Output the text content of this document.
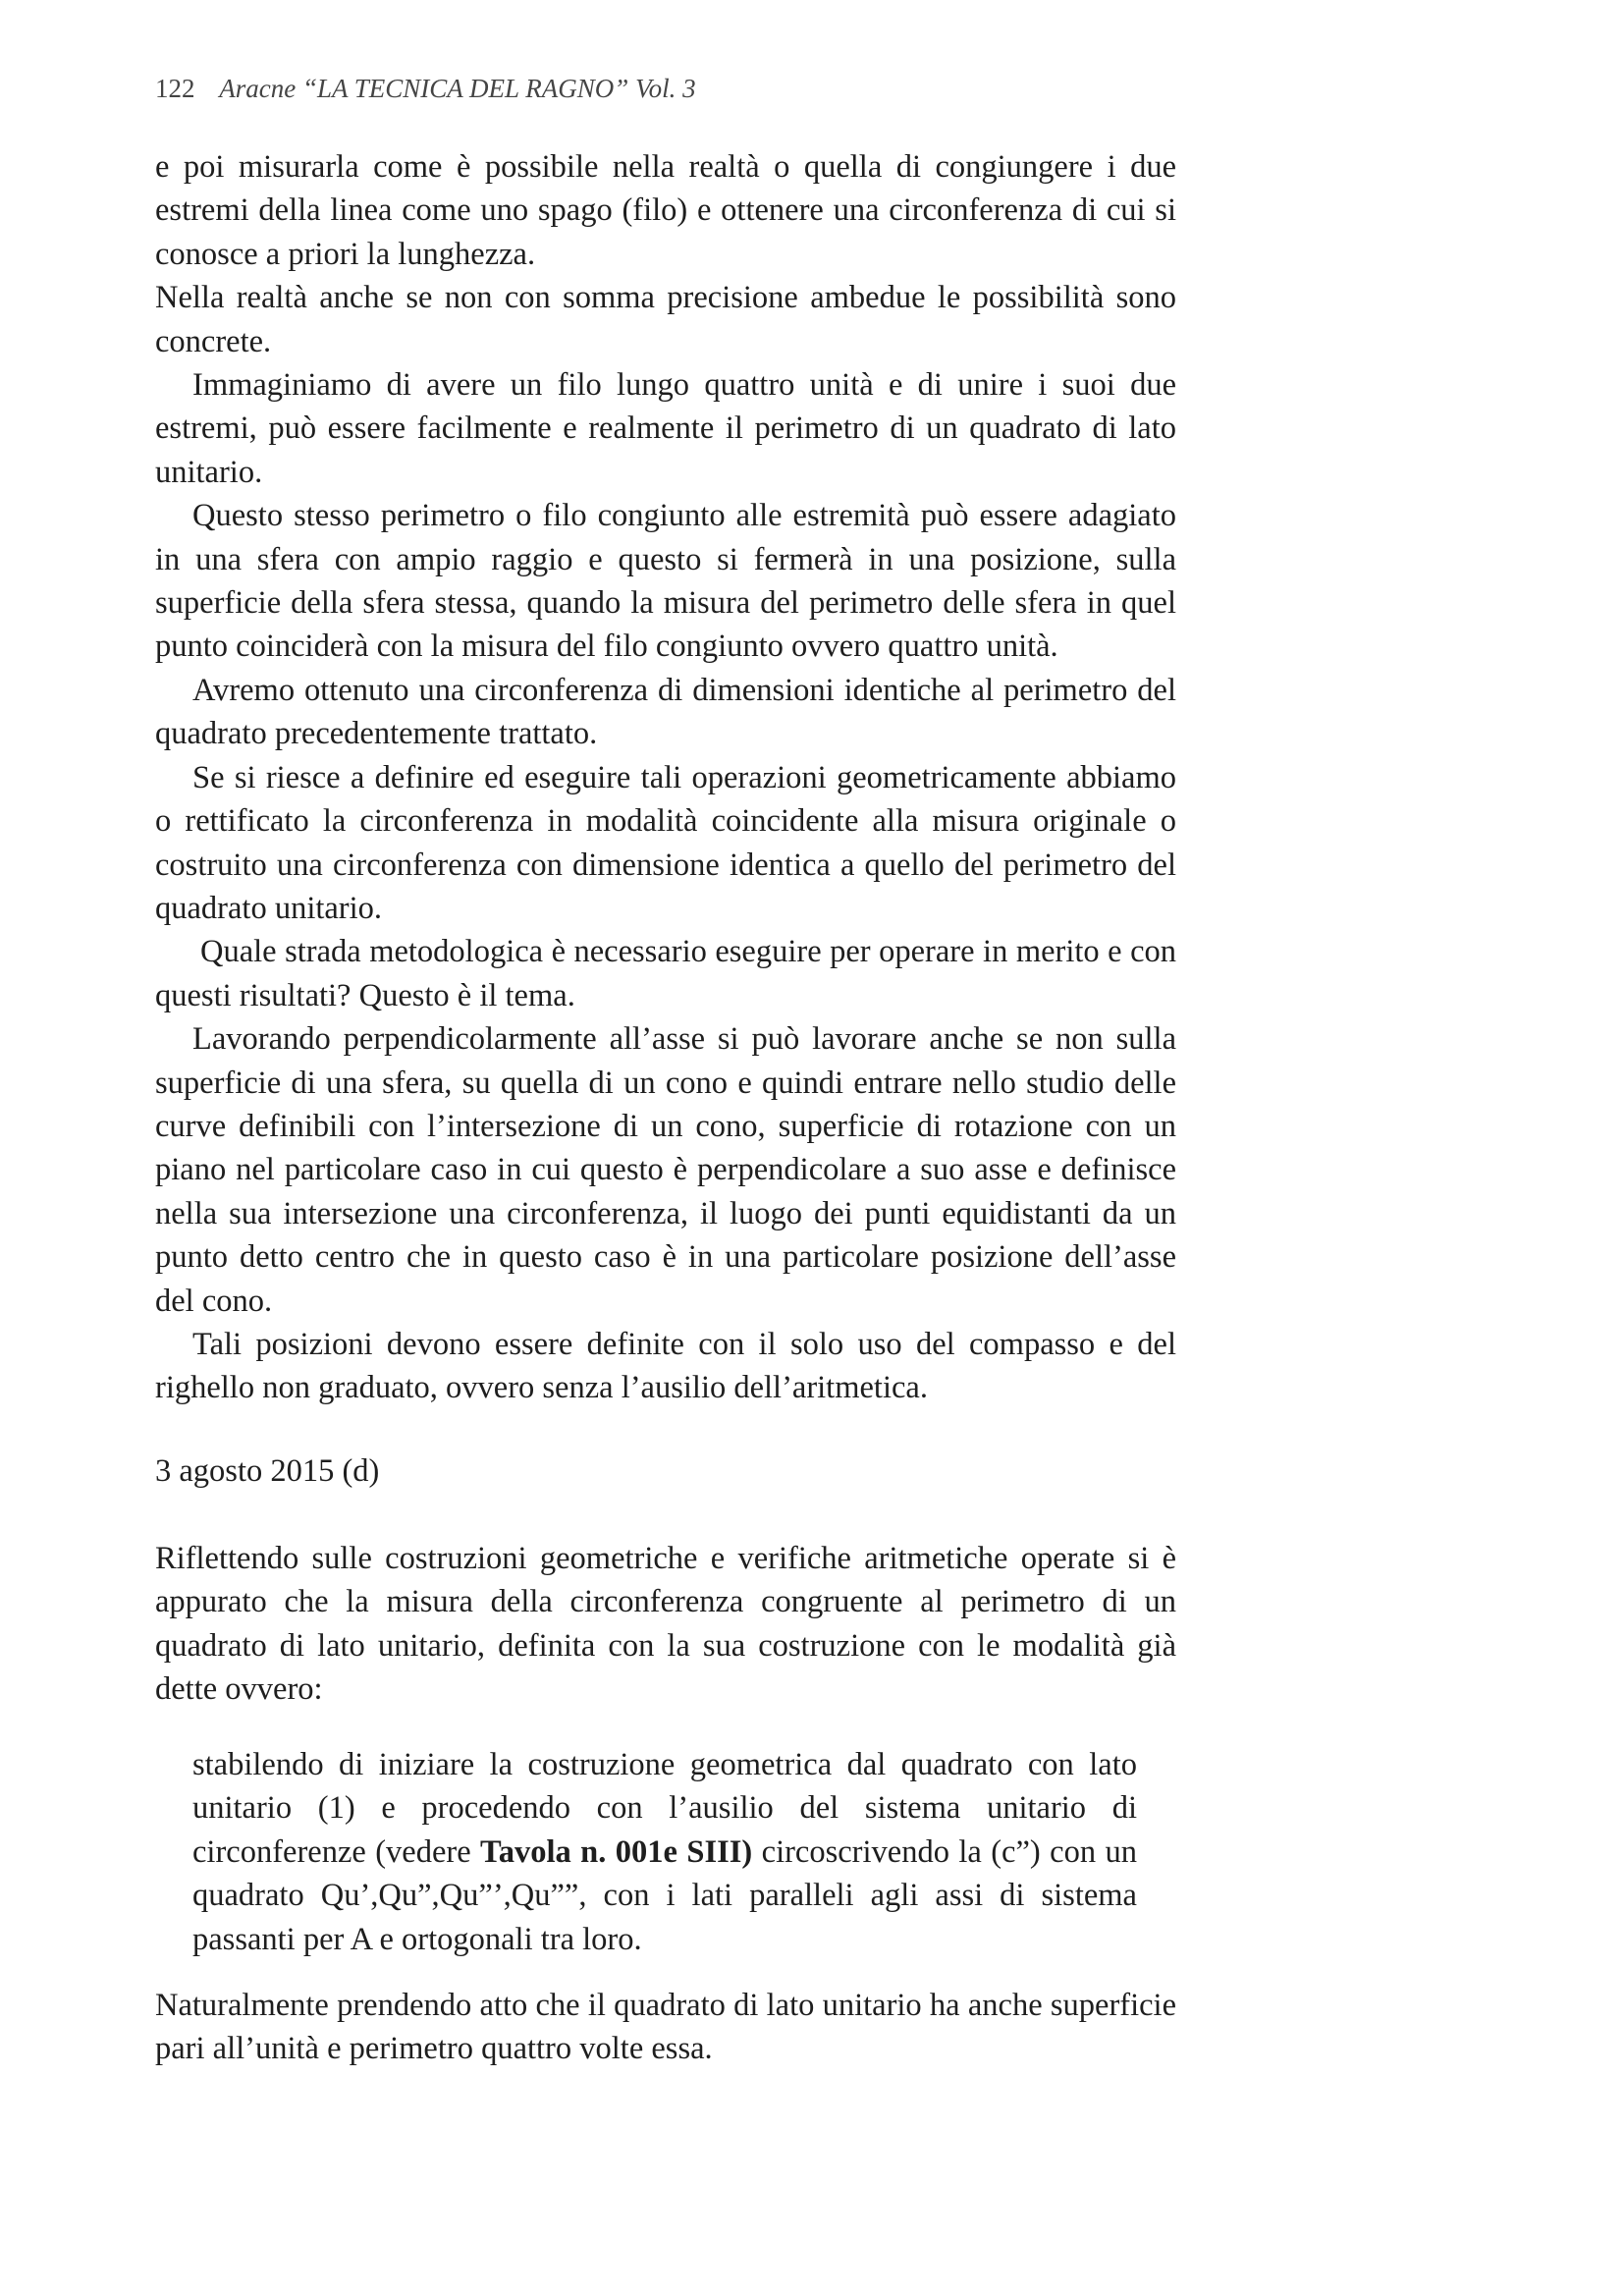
122 Aracne “LA TECNICA DEL RAGNO” Vol. 3

e poi misurarla come è possibile nella realtà o quella di congiungere i due estremi della linea come uno spago (filo) e ottenere una circonferenza di cui si conosce a priori la lunghezza.

Nella realtà anche se non con somma precisione ambedue le possibilità sono concrete.

Immaginiamo di avere un filo lungo quattro unità e di unire i suoi due estremi, può essere facilmente e realmente il perimetro di un quadrato di lato unitario.

Questo stesso perimetro o filo congiunto alle estremità può essere adagiato in una sfera con ampio raggio e questo si fermerà in una posizione, sulla superficie della sfera stessa, quando la misura del perimetro delle sfera in quel punto coinciderà con la misura del filo congiunto ovvero quattro unità.

Avremo ottenuto una circonferenza di dimensioni identiche al perimetro del quadrato precedentemente trattato.

Se si riesce a definire ed eseguire tali operazioni geometricamente abbiamo o rettificato la circonferenza in modalità coincidente alla misura originale o costruito una circonferenza con dimensione identica a quello del perimetro del quadrato unitario.

Quale strada metodologica è necessario eseguire per operare in merito e con questi risultati? Questo è il tema.

Lavorando perpendicolarmente all’asse si può lavorare anche se non sulla superficie di una sfera, su quella di un cono e quindi entrare nello studio delle curve definibili con l’intersezione di un cono, superficie di rotazione con un piano nel particolare caso in cui questo è perpendicolare a suo asse e definisce nella sua intersezione una circonferenza, il luogo dei punti equidistanti da un punto detto centro che in questo caso è in una particolare posizione dell’asse del cono.

Tali posizioni devono essere definite con il solo uso del compasso e del righello non graduato, ovvero senza l’ausilio dell’aritmetica.

3 agosto 2015 (d)

Riflettendo sulle costruzioni geometriche e verifiche aritmetiche operate si è appurato che la misura della circonferenza congruente al perimetro di un quadrato di lato unitario, definita con la sua costruzione con le modalità già dette ovvero:

stabilendo di iniziare la costruzione geometrica dal quadrato con lato unitario (1) e procedendo con l’ausilio del sistema unitario di circonferenze (vedere Tavola n. 001e SIII) circoscrivendo la (c”) con un quadrato Qu’,Qu”,Qu”’,Qu””, con i lati paralleli agli assi di sistema passanti per A e ortogonali tra loro.

Naturalmente prendendo atto che il quadrato di lato unitario ha anche superficie pari all’unità e perimetro quattro volte essa.
